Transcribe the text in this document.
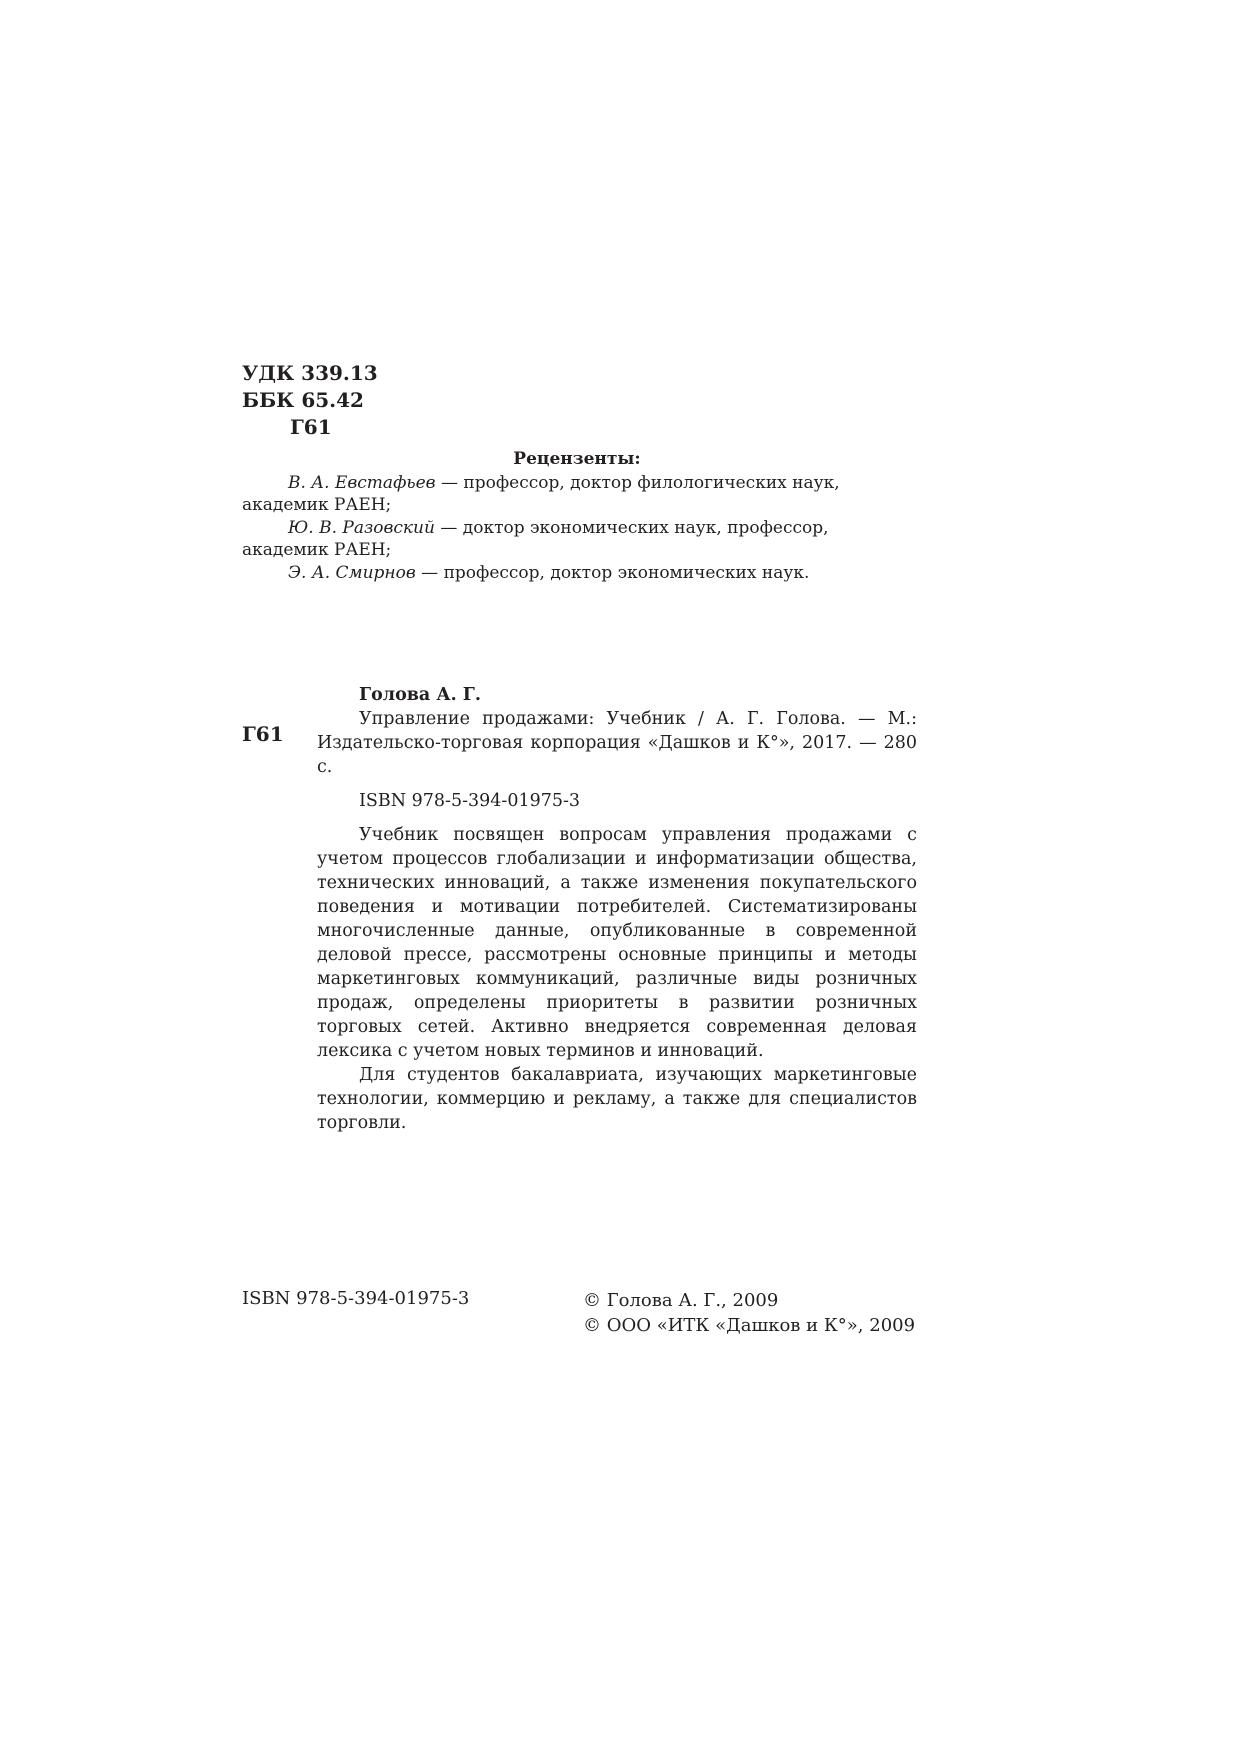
УДК 339.13
ББК 65.42
Г61
Рецензенты:
В. А. Евстафьев — профессор, доктор филологических наук, академик РАЕН;
Ю. В. Разовский — доктор экономических наук, профессор, академик РАЕН;
Э. А. Смирнов — профессор, доктор экономических наук.
Г61
Голова А. Г.
Управление продажами: Учебник / А. Г. Голова. — М.: Издательско-торговая корпорация «Дашков и К°», 2017. — 280 с.
ISBN 978-5-394-01975-3
Учебник посвящен вопросам управления продажами с учетом процессов глобализации и информатизации общества, технических инноваций, а также изменения покупательского поведения и мотивации потребителей. Систематизированы многочисленные данные, опубликованные в современной деловой прессе, рассмотрены основные принципы и методы маркетинговых коммуникаций, различные виды розничных продаж, определены приоритеты в развитии розничных торговых сетей. Активно внедряется современная деловая лексика с учетом новых терминов и инноваций.
Для студентов бакалавриата, изучающих маркетинговые технологии, коммерцию и рекламу, а также для специалистов торговли.
ISBN 978-5-394-01975-3	© Голова А. Г., 2009
© ООО «ИТК «Дашков и К°», 2009
